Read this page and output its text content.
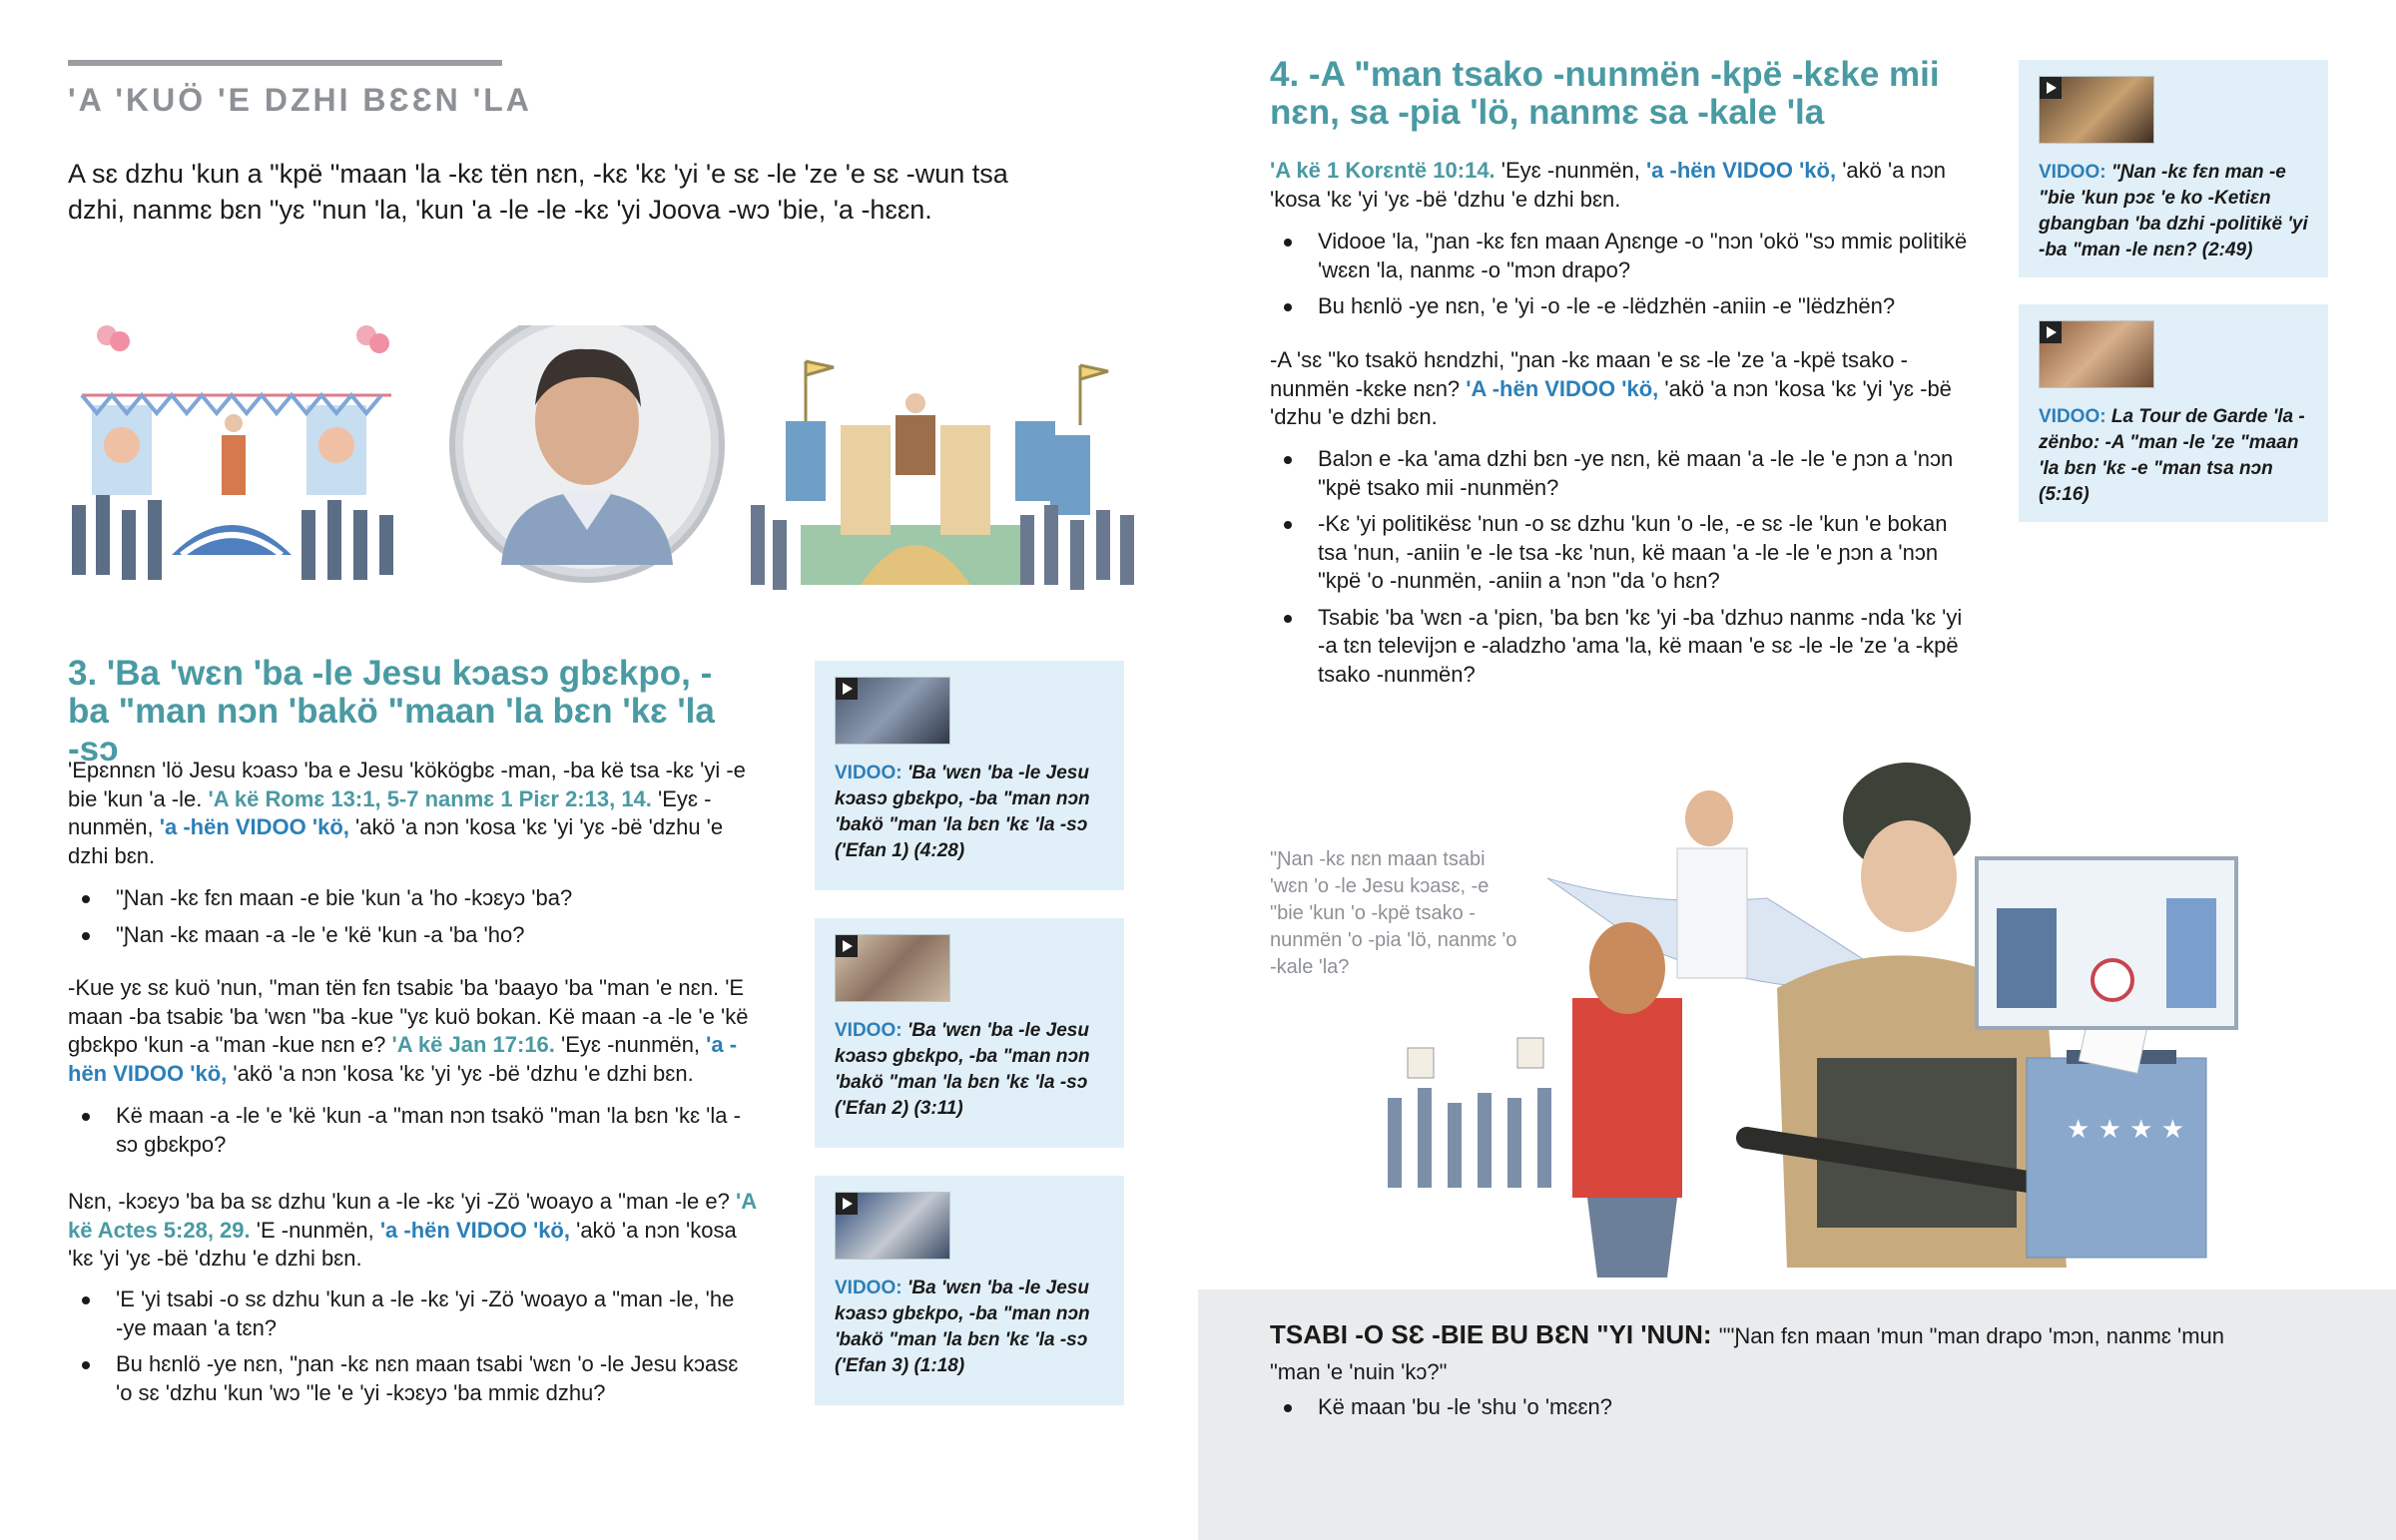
'A 'KUÖ 'E DZHI BƐƐN 'LA
A sɛ dzhu 'kun a "kpë "maan 'la -kɛ tën nɛn, -kɛ 'kɛ 'yi 'e sɛ -le 'ze 'e sɛ -wun tsa dzhi, nanmɛ bɛn "yɛ "nun 'la, 'kun 'a -le -le -kɛ 'yi Joova -wɔ 'bie, 'a -hɛɛn.
3. 'Ba 'wɛn 'ba -le Jesu kɔasɔ gbɛkpo, -ba "man nɔn 'bakö "maan 'la bɛn 'kɛ 'la -sɔ
'Epɛnnɛn 'lö Jesu kɔasɔ 'ba e Jesu 'kökögbɛ -man, -ba kë tsa -kɛ 'yi -e bie 'kun 'a -le. 'A kë Romɛ 13:1, 5-7 nanmɛ 1 Piɛr 2:13, 14. 'Eyɛ -nunmën, 'a -hën VIDOO 'kö, 'akö 'a nɔn 'kosa 'kɛ 'yi 'yɛ -bë 'dzhu 'e dzhi bɛn.
"Ɲan -kɛ fɛn maan -e bie 'kun 'a 'ho -kɔɛyɔ 'ba?
"Ɲan -kɛ maan -a -le 'e 'kë 'kun -a 'ba 'ho?
-Kue yɛ sɛ kuö 'nun, "man tën fɛn tsabiɛ 'ba 'baayo 'ba "man 'e nɛn. 'E maan -ba tsabiɛ 'ba 'wɛn "ba -kue "yɛ kuö bokan. Kë maan -a -le 'e 'kë gbɛkpo 'kun -a "man -kue nɛn e? 'A kë Jan 17:16. 'Eyɛ -nunmën, 'a -hën VIDOO 'kö, 'akö 'a nɔn 'kosa 'kɛ 'yi 'yɛ -bë 'dzhu 'e dzhi bɛn.
Kë maan -a -le 'e 'kë 'kun -a "man nɔn tsakö "man 'la bɛn 'kɛ 'la -sɔ gbɛkpo?
Nɛn, -kɔɛyɔ 'ba ba sɛ dzhu 'kun a -le -kɛ 'yi -Zö 'woayo a "man -le e? 'A kë Actes 5:28, 29. 'E -nunmën, 'a -hën VIDOO 'kö, 'akö 'a nɔn 'kosa 'kɛ 'yi 'yɛ -bë 'dzhu 'e dzhi bɛn.
'E 'yi tsabi -o sɛ dzhu 'kun a -le -kɛ 'yi -Zö 'woayo a "man -le, 'he -ye maan 'a tɛn?
Bu hɛnlö -ye nɛn, "ɲan -kɛ nɛn maan tsabi 'wɛn 'o -le Jesu kɔasɛ 'o sɛ 'dzhu 'kun 'wɔ "le 'e 'yi -kɔɛyɔ 'ba mmiɛ dzhu?
VIDOO: 'Ba 'wɛn 'ba -le Jesu kɔasɔ gbɛkpo, -ba "man nɔn 'bakö "man 'la bɛn 'kɛ 'la -sɔ ('Efan 1) (4:28)
VIDOO: 'Ba 'wɛn 'ba -le Jesu kɔasɔ gbɛkpo, -ba "man nɔn 'bakö "man 'la bɛn 'kɛ 'la -sɔ ('Efan 2) (3:11)
VIDOO: 'Ba 'wɛn 'ba -le Jesu kɔasɔ gbɛkpo, -ba "man nɔn 'bakö "man 'la bɛn 'kɛ 'la -sɔ ('Efan 3) (1:18)
4. -A "man tsako -nunmën -kpë -kɛke mii nɛn, sa -pia 'lö, nanmɛ sa -kale 'la
'A kë 1 Korɛntë 10:14. 'Eyɛ -nunmën, 'a -hën VIDOO 'kö, 'akö 'a nɔn 'kosa 'kɛ 'yi 'yɛ -bë 'dzhu 'e dzhi bɛn.
Vidooe 'la, "ɲan -kɛ fɛn maan Aɲɛnge -o "nɔn 'okö "sɔ mmiɛ politikë 'wɛɛn 'la, nanmɛ -o "mɔn drapo?
Bu hɛnlö -ye nɛn, 'e 'yi -o -le -e -lëdzhën -aniin -e "lëdzhën?
-A 'sɛ "ko tsakö hɛndzhi, "ɲan -kɛ maan 'e sɛ -le 'ze 'a -kpë tsako -nunmën -kɛke nɛn? 'A -hën VIDOO 'kö, 'akö 'a nɔn 'kosa 'kɛ 'yi 'yɛ -bë 'dzhu 'e dzhi bɛn.
Balɔn e -ka 'ama dzhi bɛn -ye nɛn, kë maan 'a -le -le 'e ɲɔn a 'nɔn "kpë tsako mii -nunmën?
-Kɛ 'yi politikësɛ 'nun -o sɛ dzhu 'kun 'o -le, -e sɛ -le 'kun 'e bokan tsa 'nun, -aniin 'e -le tsa -kɛ 'nun, kë maan 'a -le -le 'e ɲɔn a 'nɔn "kpë 'o -nunmën, -aniin a 'nɔn "da 'o hɛn?
Tsabiɛ 'ba 'wɛn -a 'piɛn, 'ba bɛn 'kɛ 'yi -ba 'dzhuɔ nanmɛ -nda 'kɛ 'yi -a tɛn televijɔn e -aladzho 'ama 'la, kë maan 'e sɛ -le -le 'ze 'a -kpë tsako -nunmën?
VIDOO: "Ɲan -kɛ fɛn man -e "bie 'kun pɔɛ 'e ko -Ketiɛn gbangban 'ba dzhi -politikë 'yi -ba "man -le nɛn? (2:49)
VIDOO: La Tour de Garde 'la -zënbo: -A "man -le 'ze "maan 'la bɛn 'kɛ -e "man tsa nɔn (5:16)
"Ɲan -kɛ nɛn maan tsabi 'wɛn 'o -le Jesu kɔasɛ, -e "bie 'kun 'o -kpë tsako -nunmën 'o -pia 'lö, nanmɛ 'o -kale 'la?
★ ★ ★ ★
TSABI -O SƐ -BIE BU BƐN "YI 'NUN: ""Ɲan fɛn maan 'mun "man drapo 'mɔn, nanmɛ 'mun "man 'e 'nuin 'kɔ?"
Kë maan 'bu -le 'shu 'o 'mɛɛn?
